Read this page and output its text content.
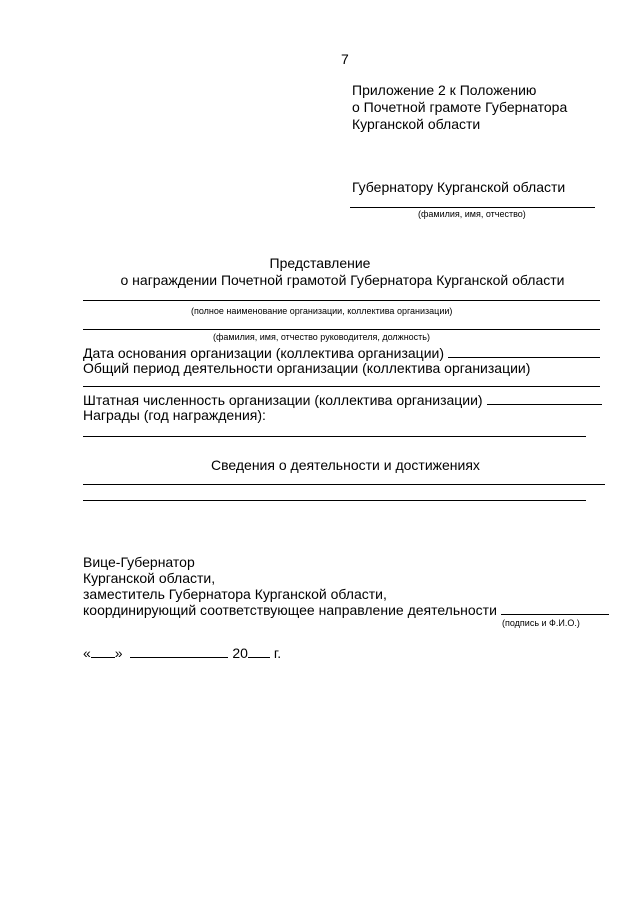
7
Приложение 2 к Положению
о Почетной грамоте Губернатора
Курганской области
Губернатору Курганской области
(фамилия, имя, отчество)
Представление
о награждении Почетной грамотой Губернатора Курганской области
(полное наименование организации, коллектива организации)
(фамилия, имя, отчество руководителя, должность)
Дата основания организации (коллектива организации)
Общий период деятельности организации (коллектива организации)
Штатная численность организации (коллектива организации)
Награды (год награждения):
Сведения о деятельности и достижениях
Вице-Губернатор
Курганской области,
заместитель Губернатора Курганской области,
координирующий соответствующее направление деятельности
(подпись и Ф.И.О.)
« »	20 г.
